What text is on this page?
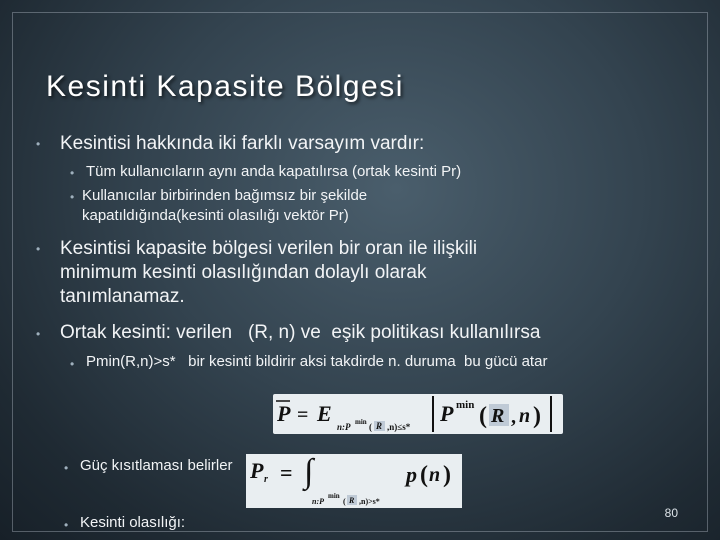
Kesinti Kapasite Bölgesi
• Kesintisi hakkında iki farklı varsayım vardır:
• Tüm kullanıcıların aynı anda kapatılırsa (ortak kesinti Pr)
• Kullanıcılar birbirinden bağımsız bir şekilde kapatıldığında(kesinti olasılığı vektör Pr)
• Kesintisi kapasite bölgesi verilen bir oran ile ilişkili minimum kesinti olasılığından dolaylı olarak tanımlanamaz.
• Ortak kesinti: verilen   (R, n) ve  eşik politikası kullanılırsa
• Pmin(R,n)>s*   bir kesinti bildirir aksi takdirde n. duruma  bu gücü atar
P = E
n:P min ( R ,n)≤s*
P min ( R , n )
• Güç kısıtlaması belirler P r = ∫
n:P
min
( R ,n)>s*
p ( n )
• Kesinti olasılığı:
80
